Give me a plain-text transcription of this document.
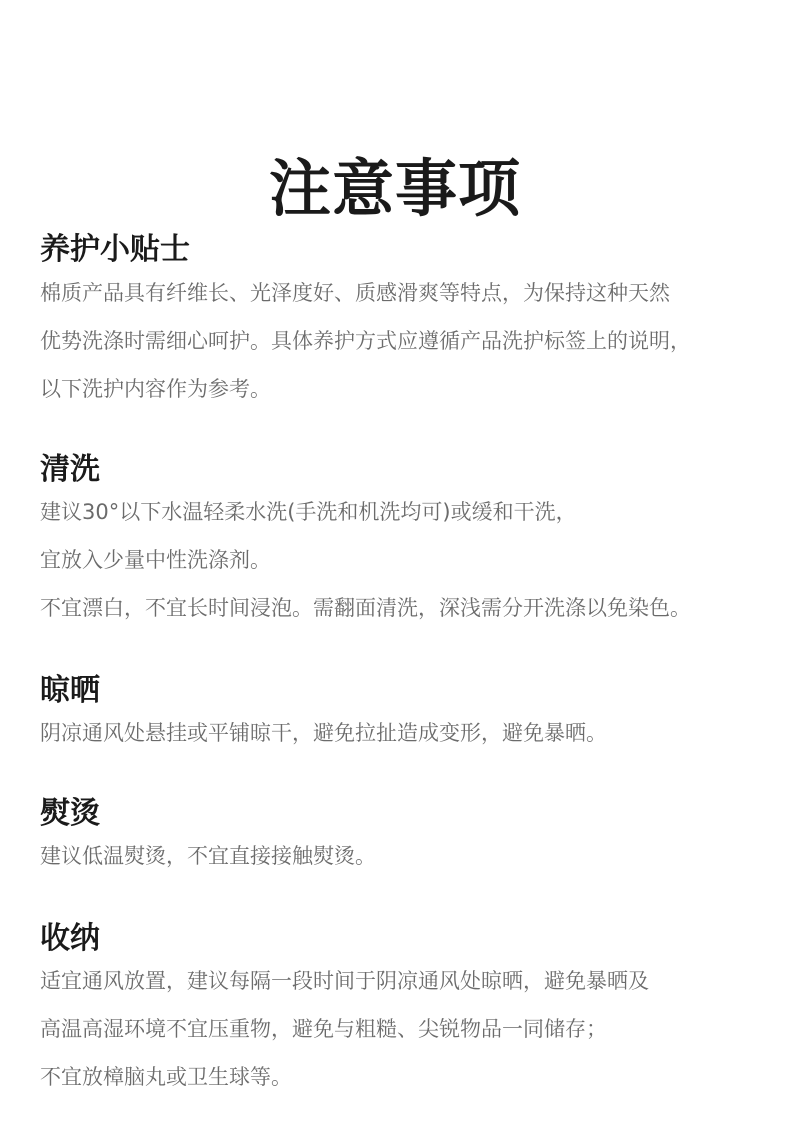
注意事项
养护小贴士

棉质产品具有纤维长、光泽度好、质感滑爽等特点，为保持这种天然

优势洗涤时需细心呵护。具体养护方式应遵循产品洗护标签上的说明，

以下洗护内容作为参考。

清洗

建议30°以下水温轻柔水洗(手洗和机洗均可)或缓和干洗，

宜放入少量中性洗涤剂。

不宜漂白，不宜长时间浸泡。需翻面清洗，深浅需分开洗涤以免染色。

晾晒

阴凉通风处悬挂或平铺晾干，避免拉扯造成变形，避免暴晒。

熨烫

建议低温熨烫，不宜直接接触熨烫。

收纳

适宜通风放置，建议每隔一段时间于阴凉通风处晾晒，避免暴晒及

高温高湿环境不宜压重物，避免与粗糙、尖锐物品一同储存；

不宜放樟脑丸或卫生球等。
